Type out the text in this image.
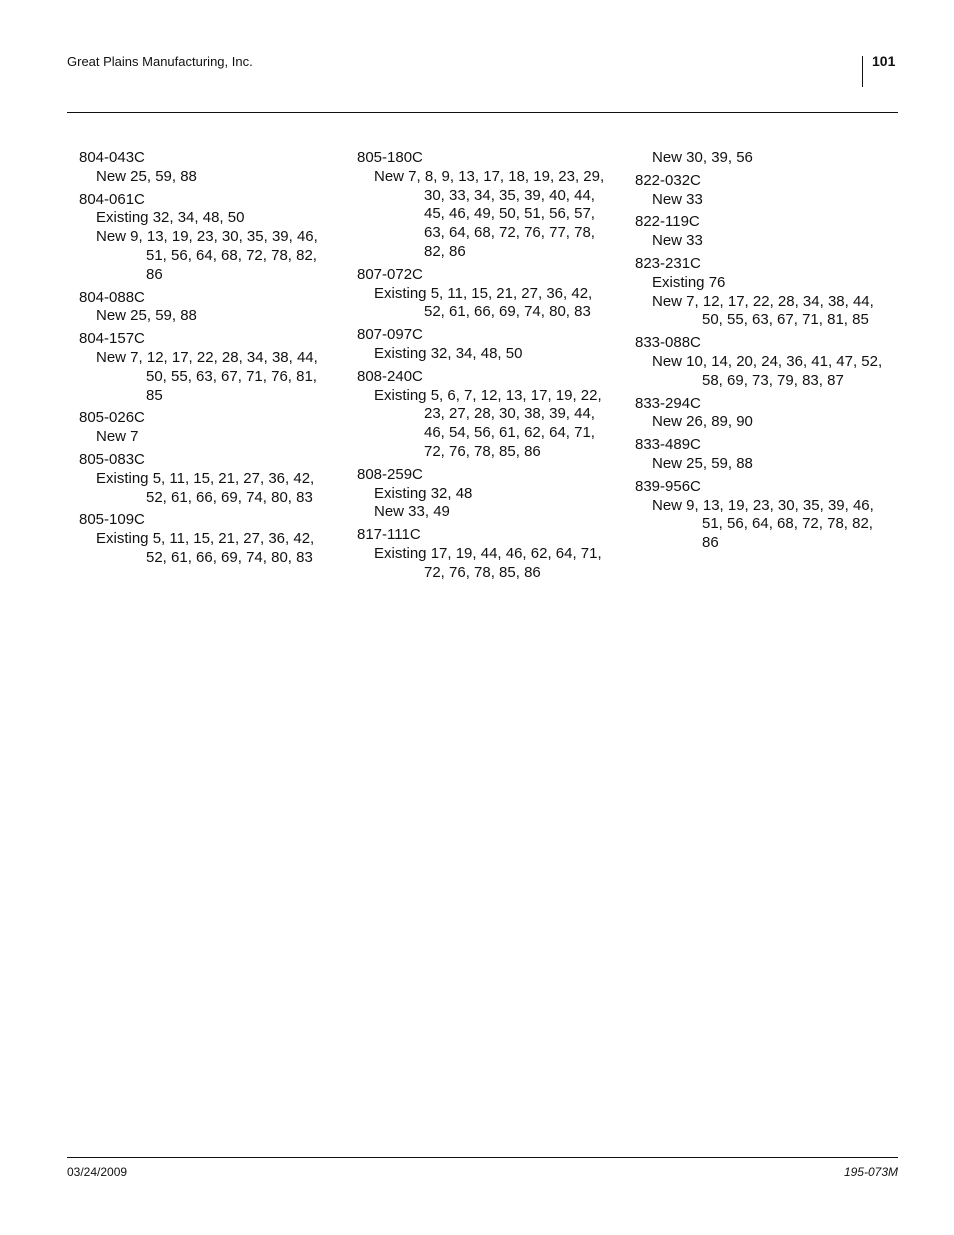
Great Plains Manufacturing, Inc.	101
804-043C
New 25, 59, 88
804-061C
Existing 32, 34, 48, 50
New 9, 13, 19, 23, 30, 35, 39, 46, 51, 56, 64, 68, 72, 78, 82, 86
804-088C
New 25, 59, 88
804-157C
New 7, 12, 17, 22, 28, 34, 38, 44, 50, 55, 63, 67, 71, 76, 81, 85
805-026C
New 7
805-083C
Existing 5, 11, 15, 21, 27, 36, 42, 52, 61, 66, 69, 74, 80, 83
805-109C
Existing 5, 11, 15, 21, 27, 36, 42, 52, 61, 66, 69, 74, 80, 83
805-180C
New 7, 8, 9, 13, 17, 18, 19, 23, 29, 30, 33, 34, 35, 39, 40, 44, 45, 46, 49, 50, 51, 56, 57, 63, 64, 68, 72, 76, 77, 78, 82, 86
807-072C
Existing 5, 11, 15, 21, 27, 36, 42, 52, 61, 66, 69, 74, 80, 83
807-097C
Existing 32, 34, 48, 50
808-240C
Existing 5, 6, 7, 12, 13, 17, 19, 22, 23, 27, 28, 30, 38, 39, 44, 46, 54, 56, 61, 62, 64, 71, 72, 76, 78, 85, 86
808-259C
Existing 32, 48
New 33, 49
817-111C
Existing 17, 19, 44, 46, 62, 64, 71, 72, 76, 78, 85, 86
New 30, 39, 56
822-032C
New 33
822-119C
New 33
823-231C
Existing 76
New 7, 12, 17, 22, 28, 34, 38, 44, 50, 55, 63, 67, 71, 81, 85
833-088C
New 10, 14, 20, 24, 36, 41, 47, 52, 58, 69, 73, 79, 83, 87
833-294C
New 26, 89, 90
833-489C
New 25, 59, 88
839-956C
New 9, 13, 19, 23, 30, 35, 39, 46, 51, 56, 64, 68, 72, 78, 82, 86
03/24/2009	195-073M
